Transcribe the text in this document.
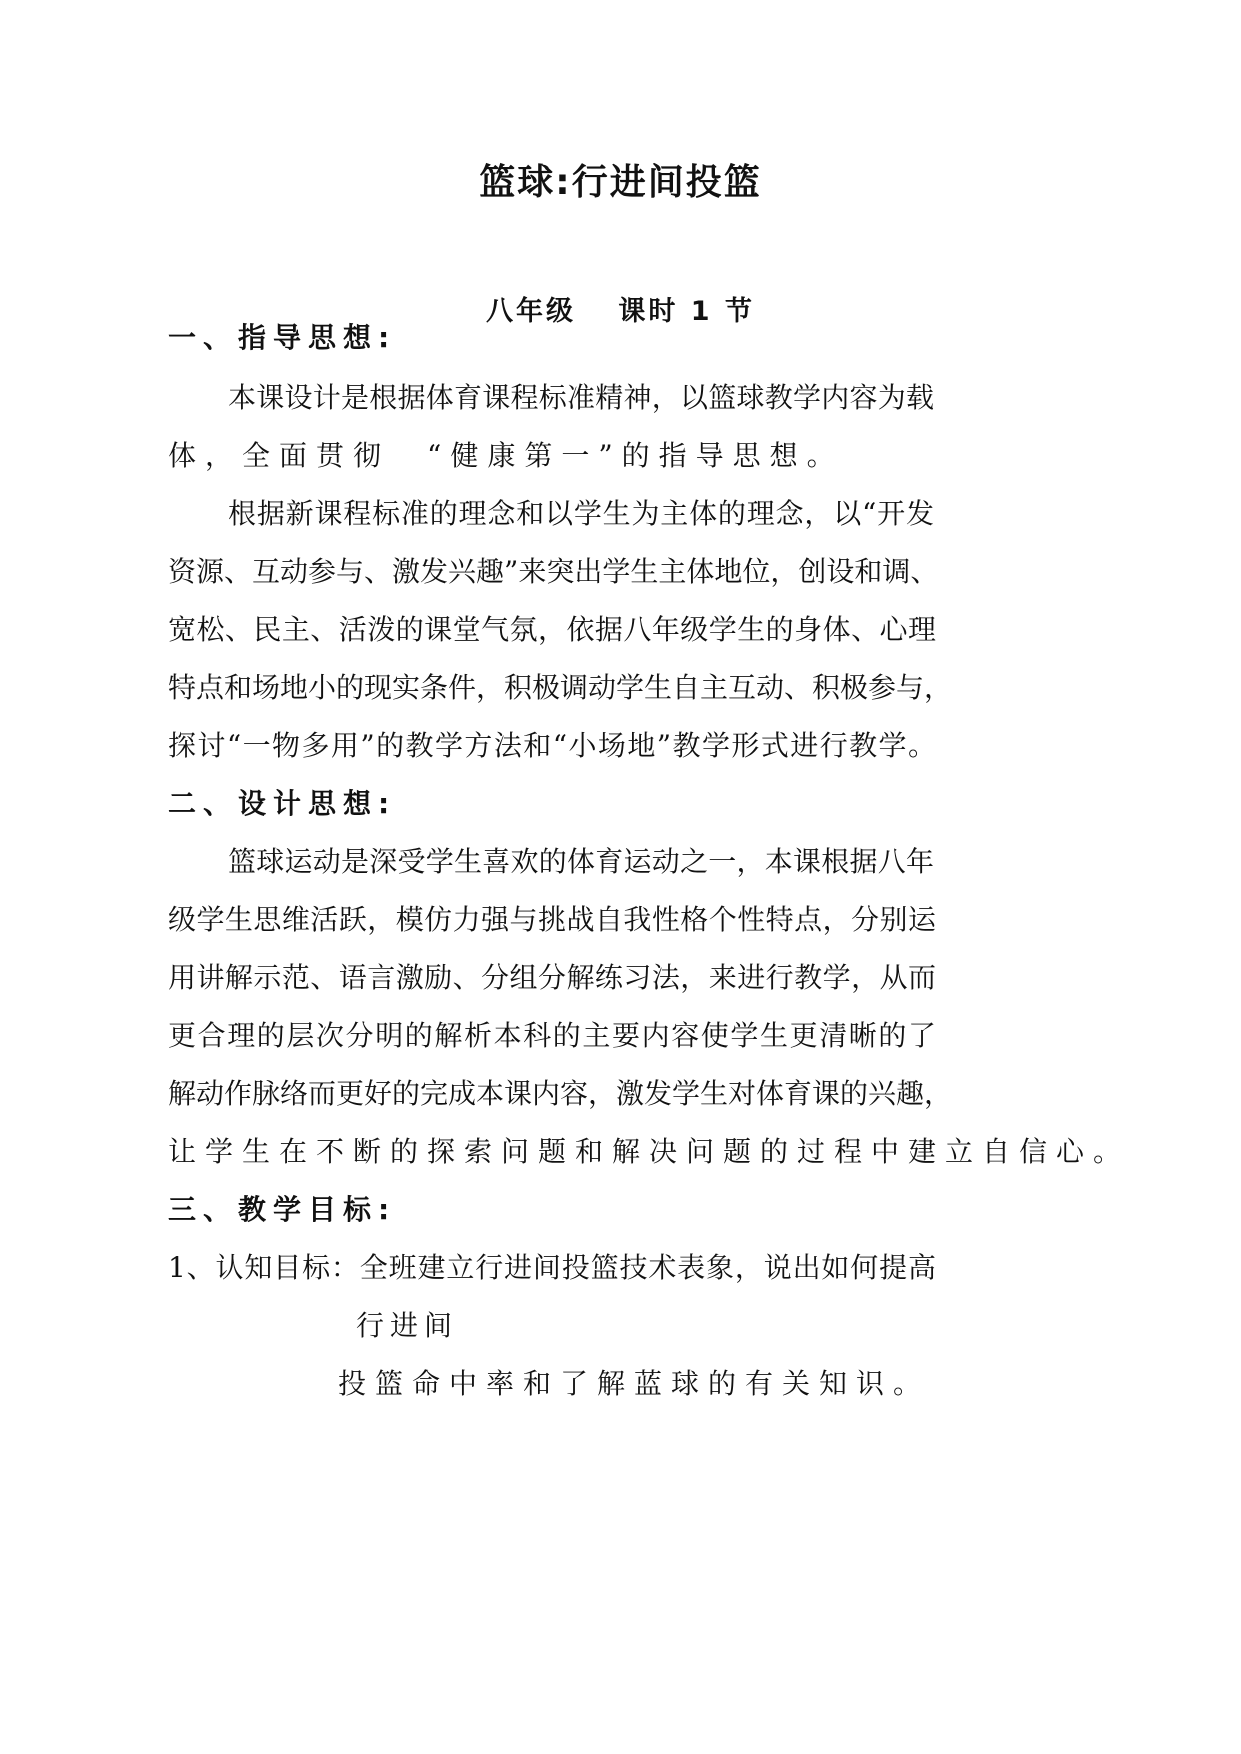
篮球:行进间投篮
八年级　 课时 1 节
一、指导思想:
本课设计是根据体育课程标准精神，以篮球教学内容为载
体，全面贯彻　“健康第一”的指导思想。
根据新课程标准的理念和以学生为主体的理念，以“开发
资源、互动参与、激发兴趣”来突出学生主体地位，创设和调、
宽松、民主、活泼的课堂气氛，依据八年级学生的身体、心理
特点和场地小的现实条件，积极调动学生自主互动、积极参与，
探讨“一物多用”的教学方法和“小场地”教学形式进行教学。
二、设计思想:
篮球运动是深受学生喜欢的体育运动之一，本课根据八年
级学生思维活跃，模仿力强与挑战自我性格个性特点，分别运
用讲解示范、语言激励、分组分解练习法，来进行教学，从而
更合理的层次分明的解析本科的主要内容使学生更清晰的了
解动作脉络而更好的完成本课内容，激发学生对体育课的兴趣，
让学生在不断的探索问题和解决问题的过程中建立自信心。
三、教学目标:
1、认知目标：全班建立行进间投篮技术表象，说出如何提高
行进间
投篮命中率和了解蓝球的有关知识。
